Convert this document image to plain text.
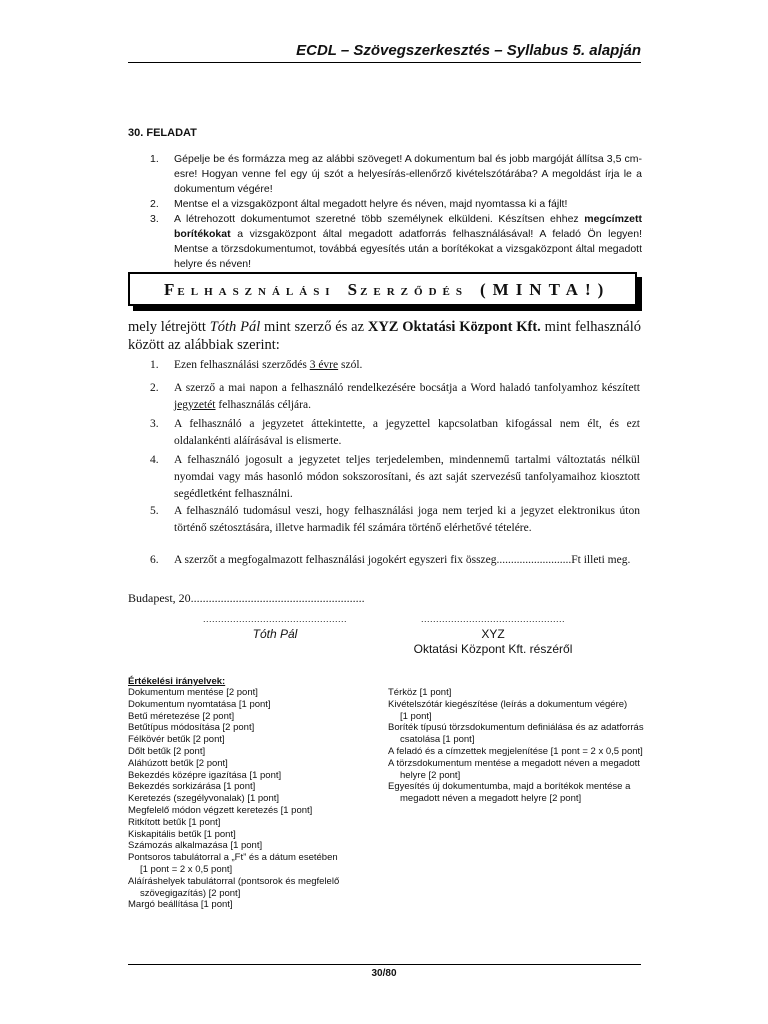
ECDL – Szövegszerkesztés – Syllabus 5. alapján
30. FELADAT
1.	Gépelje be és formázza meg az alábbi szöveget! A dokumentum bal és jobb margóját állítsa 3,5 cm-esre! Hogyan venne fel egy új szót a helyesírás-ellenőrző kivételszótárába? A megoldást írja le a dokumentum végére!
2.	Mentse el a vizsgaközpont által megadott helyre és néven, majd nyomtassa ki a fájlt!
3.	A létrehozott dokumentumot szeretné több személynek elküldeni. Készítsen ehhez megcímzett borítékokat a vizsgaközpont által megadott adatforrás felhasználásával! A feladó Ön legyen! Mentse a törzsdokumentumot, továbbá egyesítés után a borítékokat a vizsgaközpont által megadott helyre és néven!
FELHASZNÁLÁSI SZERZŐDÉS (MINTA!)
mely létrejött Tóth Pál mint szerző és az XYZ Oktatási Központ Kft. mint felhasználó között az alábbiak szerint:
1. Ezen felhasználási szerződés 3 évre szól.
2. A szerző a mai napon a felhasználó rendelkezésére bocsátja a Word haladó tanfolyamhoz készített jegyzetét felhasználás céljára.
3. A felhasználó a jegyzetet áttekintette, a jegyzettel kapcsolatban kifogással nem élt, és ezt oldalankénti aláírásával is elismerte.
4. A felhasználó jogosult a jegyzetet teljes terjedelemben, mindennemű tartalmi változtatás nélkül nyomdai vagy más hasonló módon sokszorosítani, és azt saját szervezésű tanfolyamaihoz kiosztott segédletként felhasználni.
5. A felhasználó tudomásul veszi, hogy felhasználási joga nem terjed ki a jegyzet elektronikus úton történő szétosztására, illetve harmadik fél számára történő elérhetővé tételére.
6. A szerzőt a megfogalmazott felhasználási jogokért egyszeri fix összeg..........................Ft illeti meg.
Budapest, 20..........................................................
................................................
Tóth Pál
................................................
XYZ
Oktatási Központ Kft. részéről
Értékelési irányelvek:
Dokumentum mentése [2 pont]
Dokumentum nyomtatása [1 pont]
Betű méretezése [2 pont]
Betűtípus módosítása [2 pont]
Félkövér betűk [2 pont]
Dőlt betűk [2 pont]
Aláhúzott betűk [2 pont]
Bekezdés középre igazítása [1 pont]
Bekezdés sorkizárása [1 pont]
Keretezés (szegélyvonalak) [1 pont]
Megfelelő módon végzett keretezés [1 pont]
Ritkított betűk [1 pont]
Kiskapitális betűk [1 pont]
Számozás alkalmazása [1 pont]
Pontsoros tabulátorral a „Ft” és a dátum esetében
[1 pont = 2 x 0,5 pont]
Aláíráshelyek tabulátorral (pontsorok és megfelelő
szövegigazítás) [2 pont]
Margó beállítása [1 pont]
Térköz [1 pont]
Kivételszótár kiegészítése (leírás a dokumentum végére)
[1 pont]
Boríték típusú törzsdokumentum definiálása és az adatforrás
csatolása [1 pont]
A feladó és a címzettek megjelenítése [1 pont = 2 x 0,5 pont]
A törzsdokumentum mentése a megadott néven a megadott
helyre [2 pont]
Egyesítés új dokumentumba, majd a borítékok mentése a
megadott néven a megadott helyre [2 pont]
30/80
